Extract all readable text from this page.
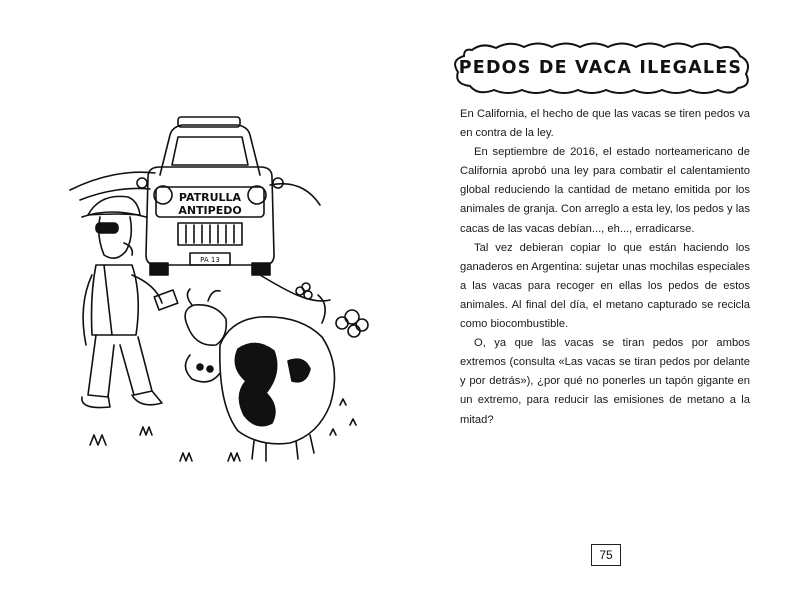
PATRULLA
ANTIPEDO
PA 13
PEDOS DE VACA ILEGALES

En California, el hecho de que las vacas se tiren pedos va en contra de la ley.

En septiembre de 2016, el estado norteamericano de California aprobó una ley para combatir el calentamiento global reduciendo la cantidad de metano emitida por los animales de granja. Con arreglo a esta ley, los pedos y las cacas de las vacas debían..., eh..., erradicarse.

Tal vez debieran copiar lo que están haciendo los ganaderos en Argentina: sujetar unas mochilas especiales a las vacas para recoger en ellas los pedos de estos animales. Al final del día, el metano capturado se recicla como biocombustible.

O, ya que las vacas se tiran pedos por ambos extremos (consulta «Las vacas se tiran pedos por delante y por detrás»), ¿por qué no ponerles un tapón gigante en un extremo, para reducir las emisiones de metano a la mitad?

75
